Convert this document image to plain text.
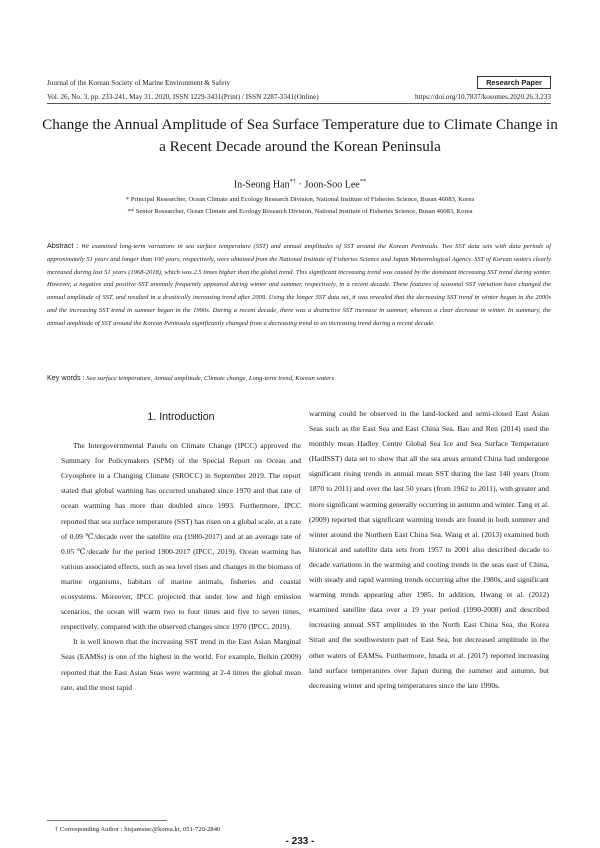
Journal of the Korean Society of Marine Environment & Safety	Research Paper
Vol. 26, No. 3, pp. 233-241, May 31, 2020, ISSN 1229-3431(Print) / ISSN 2287-3341(Online)	https://doi.org/10.7837/kosomes.2020.26.3.233
Change the Annual Amplitude of Sea Surface Temperature due to Climate Change in a Recent Decade around the Korean Peninsula
In-Seong Han*† · Joon-Soo Lee**
* Principal Researcher, Ocean Climate and Ecology Research Division, National Institute of Fisheries Science, Busan 46083, Korea
** Senior Researcher, Ocean Climate and Ecology Research Division, National Institute of Fisheries Science, Busan 46083, Korea
Abstract : We examined long-term variations in sea surface temperature (SST) and annual amplitudes of SST around the Korean Peninsula. Two SST data sets with data periods of approximately 51 years and longer than 100 years, respectively, were obtained from the National Institute of Fisheries Science and Japan Meteorological Agency. SST of Korean waters clearly increased during last 51 years (1968-2018), which was 2.5 times higher than the global trend. This significant increasing trend was caused by the dominant increasing SST trend during winter. However, a negative and positive SST anomaly frequently appeared during winter and summer, respectively, in a recent decade. These features of seasonal SST variation have changed the annual amplitude of SST, and resulted in a drastically increasing trend after 2009. Using the longer SST data set, it was revealed that the decreasing SST trend in winter began in the 2000s and the increasing SST trend in summer began in the 1990s. During a recent decade, there was a distinctive SST increase in summer, whereas a clear decrease in winter. In summary, the annual amplitude of SST around the Korean Peninsula significantly changed from a decreasing trend to an increasing trend during a recent decade.
Key words : Sea surface temperature, Annual amplitude, Climate change, Long-term trend, Korean waters
1. Introduction

The Intergovernmental Panels on Climate Change (IPCC) approved the Summary for Policymakers (SPM) of the Special Report on Ocean and Cryosphere in a Changing Climate (SROCC) in September 2019. The report stated that global warming has occurred unabated since 1970 and that rate of ocean warming has more than doubled since 1993. Furthermore, IPCC reported that sea surface temperature (SST) has risen on a global scale, at a rate of 0.09 ℃/decade over the satellite era (1980-2017) and at an average rate of 0.05 ℃/decade for the period 1900-2017 (IPCC, 2019). Ocean warming has various associated effects, such as sea level rises and changes in the biomass of marine organisms, habitats of marine animals, fisheries and coastal ecosystems. Moreover, IPCC projected that under low and high emission scenarios, the ocean will warm two to four times and five to seven times, respectively, compared with the observed changes since 1970 (IPCC, 2019).

It is well known that the increasing SST trend in the East Asian Marginal Seas (EAMSs) is one of the highest in the world. For example, Belkin (2009) reported that the East Asian Seas were warming at 2-4 times the global mean rate, and the most rapid

warming could be observed in the land-locked and semi-closed East Asian Seas such as the East Sea and East China Sea. Bao and Ren (2014) used the monthly mean Hadley Centre Global Sea Ice and Sea Surface Temperature (HadISST) data set to show that all the sea areas around China had undergone significant rising trends in annual mean SST during the last 140 years (from 1870 to 2011) and over the last 50 years (from 1962 to 2011), with greater and more significant warming generally occurring in autumn and winter. Tang et al. (2009) reported that significant warming trends are found in both summer and winter around the Northern East China Sea. Wang et al. (2013) examined both historical and satellite data sets from 1957 to 2001 also described decade to decade variations in the warming and cooling trends in the seas east of China, with steady and rapid warming trends occurring after the 1980s, and significant warming trends appearing after 1985. In addition, Hwang et al. (2012) examined satellite data over a 19 year period (1990-2008) and described increasing annual SST amplitudes in the North East China Sea, the Korea Strait and the southwestern part of East Sea, but decreased amplitude in the other waters of EAMSs. Furthermore, Imada et al. (2017) reported increasing land surface temperatures over Japan during the summer and autumn, but decreasing winter and spring temperatures since the late 1990s.

† Corresponding Author : hisjamstec@korea.kr, 051-720-2840
- 233 -
